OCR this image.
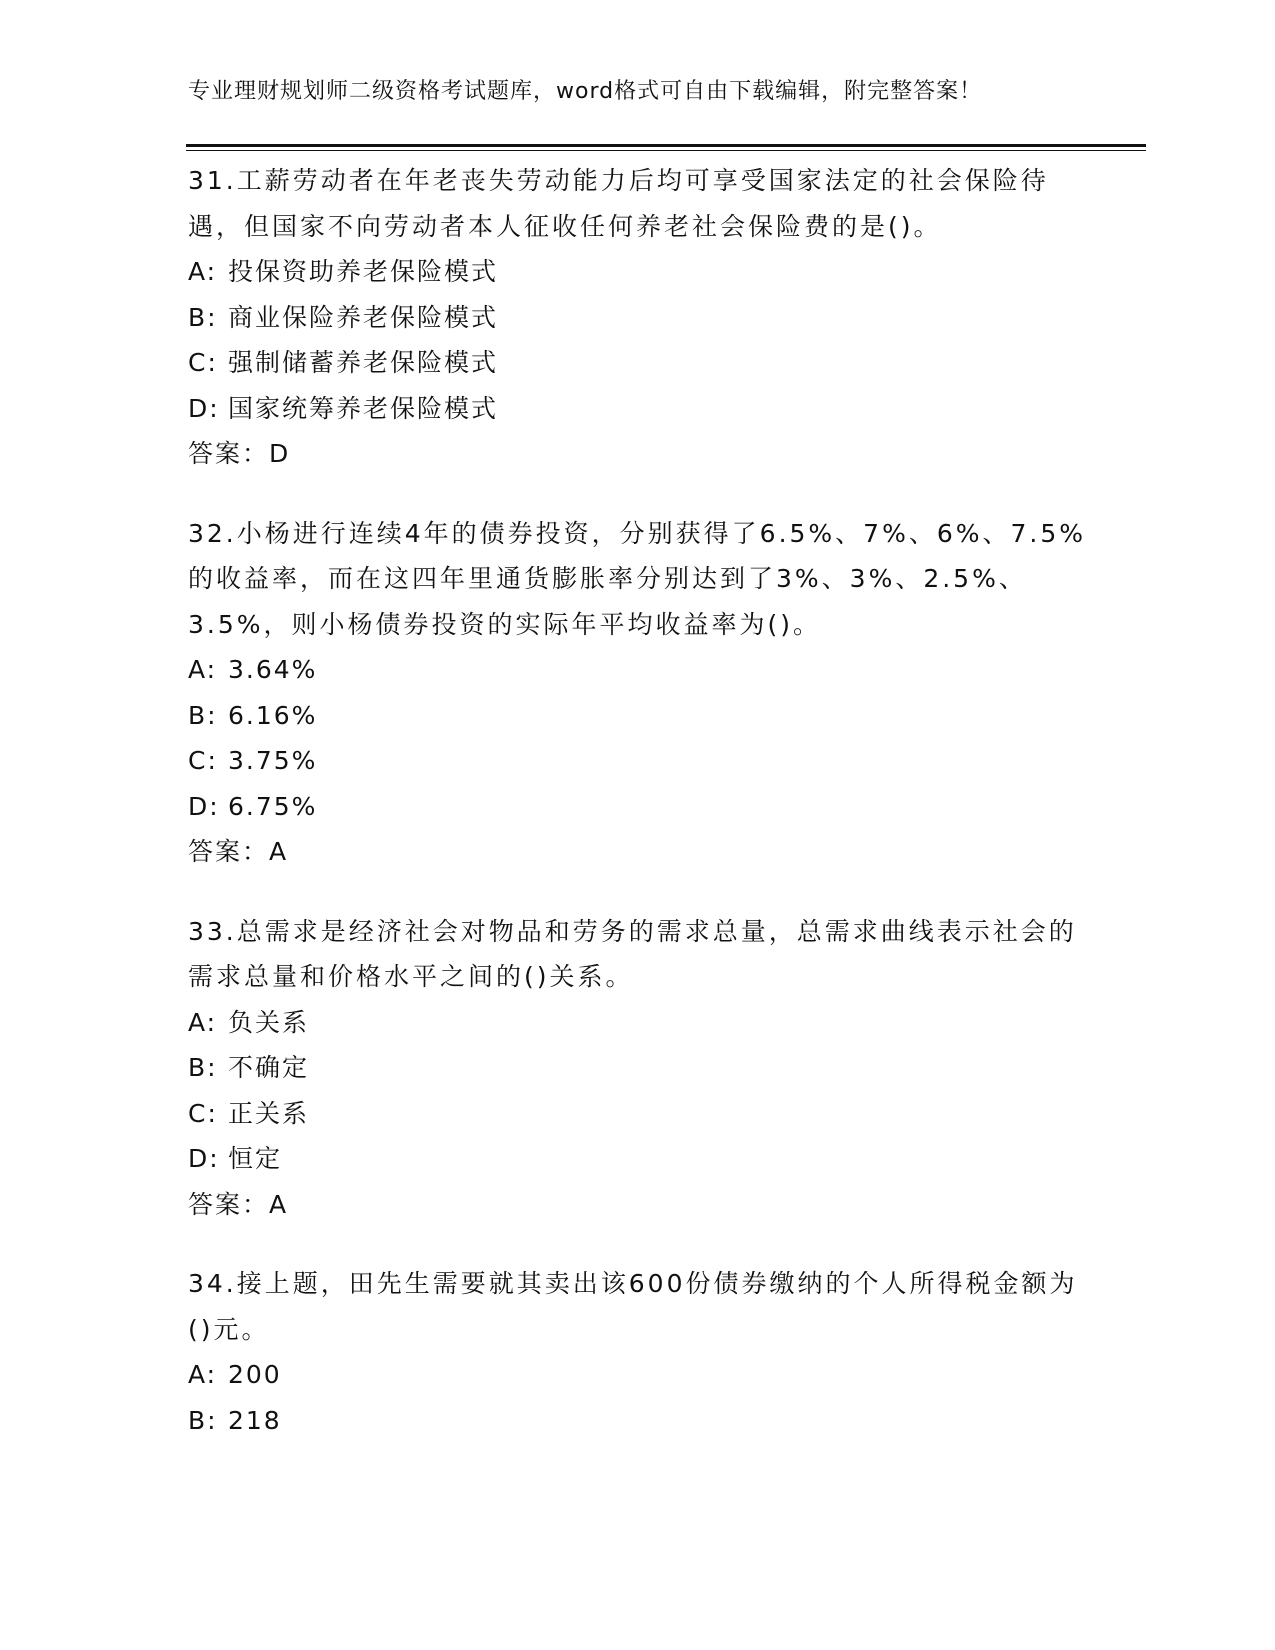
专业理财规划师二级资格考试题库，word格式可自由下载编辑，附完整答案！

31.工薪劳动者在年老丧失劳动能力后均可享受国家法定的社会保险待遇，但国家不向劳动者本人征收任何养老社会保险费的是()。

A: 投保资助养老保险模式
B: 商业保险养老保险模式
C: 强制储蓄养老保险模式
D: 国家统筹养老保险模式
答案：D

32.小杨进行连续4年的债券投资，分别获得了6.5%、7%、6%、7.5%的收益率，而在这四年里通货膨胀率分别达到了3%、3%、2.5%、3.5%，则小杨债券投资的实际年平均收益率为()。

A: 3.64%
B: 6.16%
C: 3.75%
D: 6.75%
答案：A

33.总需求是经济社会对物品和劳务的需求总量，总需求曲线表示社会的需求总量和价格水平之间的()关系。

A: 负关系
B: 不确定
C: 正关系
D: 恒定
答案：A

34.接上题，田先生需要就其卖出该600份债券缴纳的个人所得税金额为()元。

A: 200
B: 218
